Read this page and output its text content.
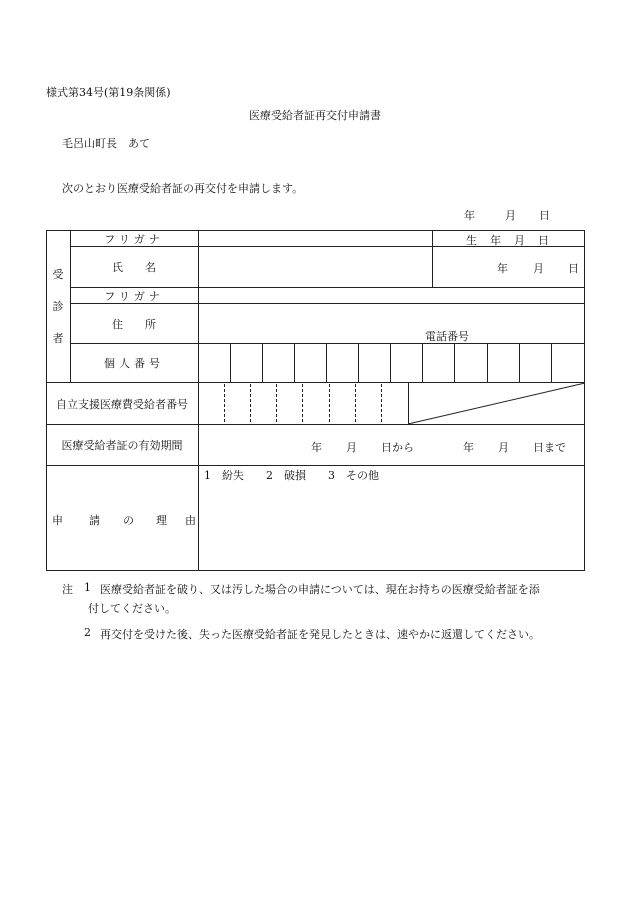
様式第34号(第19条関係)
医療受給者証再交付申請書
毛呂山町長　あて
次のとおり医療受給者証の再交付を申請します。
年	月 日
受
診
者
フリガナ
氏　　名
フリガナ
住　　所
個人番号
自立支援医療費受給者番号
医療受給者証の有効期間
申 請 の 理 由
生 年 月 日
年 月 日
電話番号
年 月 日から	年 月 日まで
1　紛失　　2　破損　　3　その他
注 1 医療受給者証を破り、又は汚した場合の申請については、現在お持ちの医療受給者証を添
付してください。
2 再交付を受けた後、失った医療受給者証を発見したときは、速やかに返還してください。
